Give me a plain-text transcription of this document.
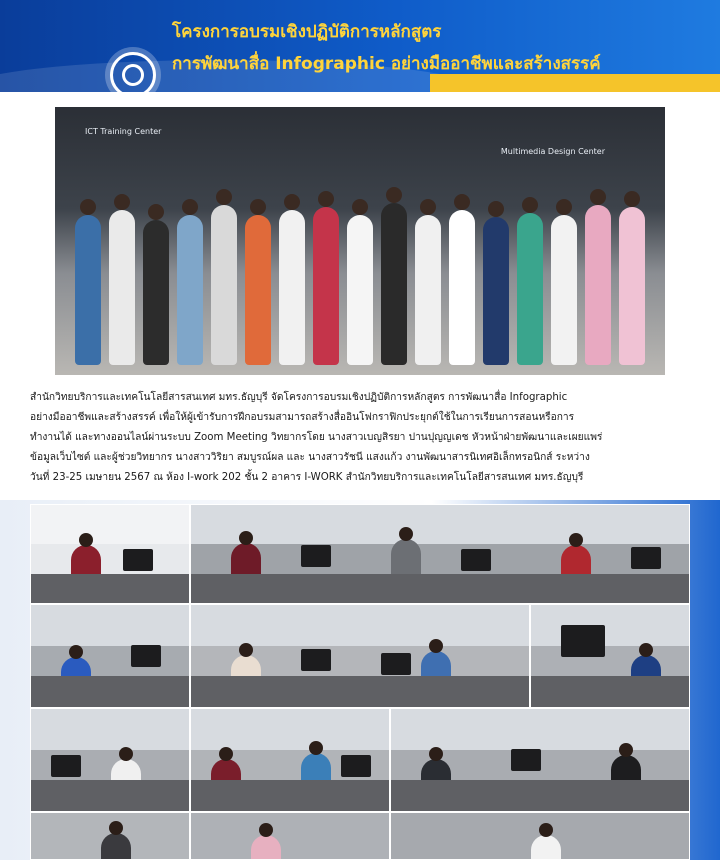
โครงการอบรมเชิงปฏิบัติการหลักสูตร
การพัฒนาสื่อ Infographic อย่างมืออาชีพและสร้างสรรค์
ICT Training Center
Multimedia Design Center

สำนักวิทยบริการและเทคโนโลยีสารสนเทศ มทร.ธัญบุรี จัดโครงการอบรมเชิงปฏิบัติการหลักสูตร การพัฒนาสื่อ Infographic

อย่างมืออาชีพและสร้างสรรค์ เพื่อให้ผู้เข้ารับการฝึกอบรมสามารถสร้างสื่ออินโฟกราฟิกประยุกต์ใช้ในการเรียนการสอนหรือการ

ทำงานได้ และทางออนไลน์ผ่านระบบ Zoom Meeting วิทยากรโดย นางสาวเบญสิรยา ปานปุญญเดช หัวหน้าฝ่ายพัฒนาและเผยแพร่

ข้อมูลเว็บไซต์ และผู้ช่วยวิทยากร นางสาววิริยา สมบูรณ์ผล และ นางสาวรัชนี แสงแก้ว งานพัฒนาสารนิเทศอิเล็กทรอนิกส์ ระหว่าง

วันที่ 23-25 เมษายน 2567 ณ ห้อง I-work 202 ชั้น 2 อาคาร I-WORK สำนักวิทยบริการและเทคโนโลยีสารสนเทศ มทร.ธัญบุรี
